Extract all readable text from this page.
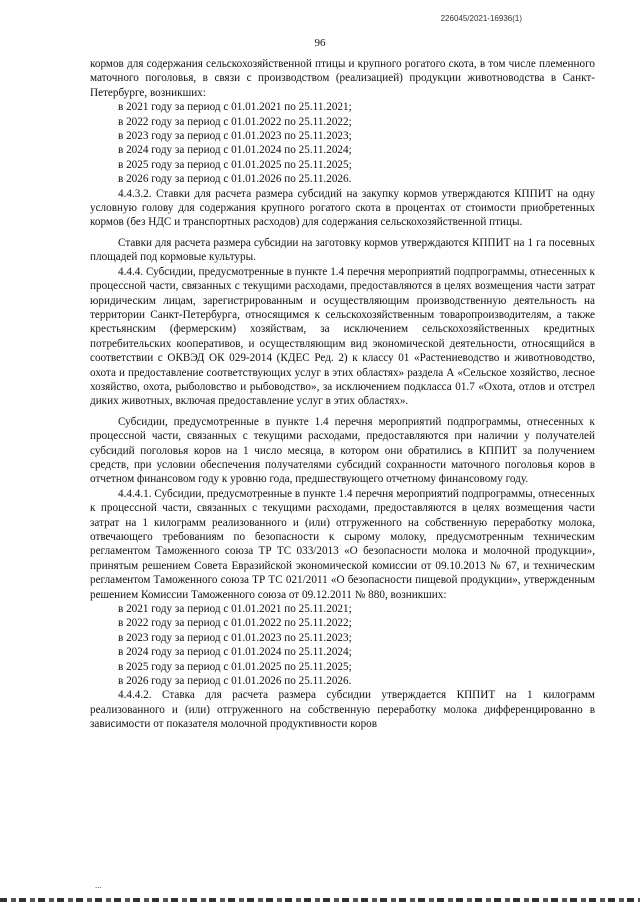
226045/2021-16936(1)
96

кормов для содержания сельскохозяйственной птицы и крупного рогатого скота, в том числе племенного маточного поголовья, в связи с производством (реализацией) продукции животноводства в Санкт-Петербурге, возникших:

в 2021 году за период с 01.01.2021 по 25.11.2021;
в 2022 году за период с 01.01.2022 по 25.11.2022;
в 2023 году за период с 01.01.2023 по 25.11.2023;
в 2024 году за период с 01.01.2024 по 25.11.2024;
в 2025 году за период с 01.01.2025 по 25.11.2025;
в 2026 году за период с 01.01.2026 по 25.11.2026.

4.4.3.2. Ставки для расчета размера субсидий на закупку кормов утверждаются КППИТ на одну условную голову для содержания крупного рогатого скота в процентах от стоимости приобретенных кормов (без НДС и транспортных расходов) для содержания сельскохозяйственной птицы.

Ставки для расчета размера субсидии на заготовку кормов утверждаются КППИТ на 1 га посевных площадей под кормовые культуры.

4.4.4. Субсидии, предусмотренные в пункте 1.4 перечня мероприятий подпрограммы, отнесенных к процессной части, связанных с текущими расходами, предоставляются в целях возмещения части затрат юридическим лицам, зарегистрированным и осуществляющим производственную деятельность на территории Санкт-Петербурга, относящимся к сельскохозяйственным товаропроизводителям, а также крестьянским (фермерским) хозяйствам, за исключением сельскохозяйственных кредитных потребительских кооперативов, и осуществляющим вид экономической деятельности, относящийся в соответствии с ОКВЭД ОК 029-2014 (КДЕС Ред. 2) к классу 01 «Растениеводство и животноводство, охота и предоставление соответствующих услуг в этих областях» раздела А «Сельское хозяйство, лесное хозяйство, охота, рыболовство и рыбоводство», за исключением подкласса 01.7 «Охота, отлов и отстрел диких животных, включая предоставление услуг в этих областях».

Субсидии, предусмотренные в пункте 1.4 перечня мероприятий подпрограммы, отнесенных к процессной части, связанных с текущими расходами, предоставляются при наличии у получателей субсидий поголовья коров на 1 число месяца, в котором они обратились в КППИТ за получением средств, при условии обеспечения получателями субсидий сохранности маточного поголовья коров в отчетном финансовом году к уровню года, предшествующего отчетному финансовому году.

4.4.4.1. Субсидии, предусмотренные в пункте 1.4 перечня мероприятий подпрограммы, отнесенных к процессной части, связанных с текущими расходами, предоставляются в целях возмещения части затрат на 1 килограмм реализованного и (или) отгруженного на собственную переработку молока, отвечающего требованиям по безопасности к сырому молоку, предусмотренным техническим регламентом Таможенного союза ТР ТС 033/2013 «О безопасности молока и молочной продукции», принятым решением Совета Евразийской экономической комиссии от 09.10.2013 № 67, и техническим регламентом Таможенного союза ТР ТС 021/2011 «О безопасности пищевой продукции», утвержденным решением Комиссии Таможенного союза от 09.12.2011 № 880, возникших:

в 2021 году за период с 01.01.2021 по 25.11.2021;
в 2022 году за период с 01.01.2022 по 25.11.2022;
в 2023 году за период с 01.01.2023 по 25.11.2023;
в 2024 году за период с 01.01.2024 по 25.11.2024;
в 2025 году за период с 01.01.2025 по 25.11.2025;
в 2026 году за период с 01.01.2026 по 25.11.2026.

4.4.4.2. Ставка для расчета размера субсидии утверждается КППИТ на 1 килограмм реализованного и (или) отгруженного на собственную переработку молока дифференцированно в зависимости от показателя молочной продуктивности коров

...
